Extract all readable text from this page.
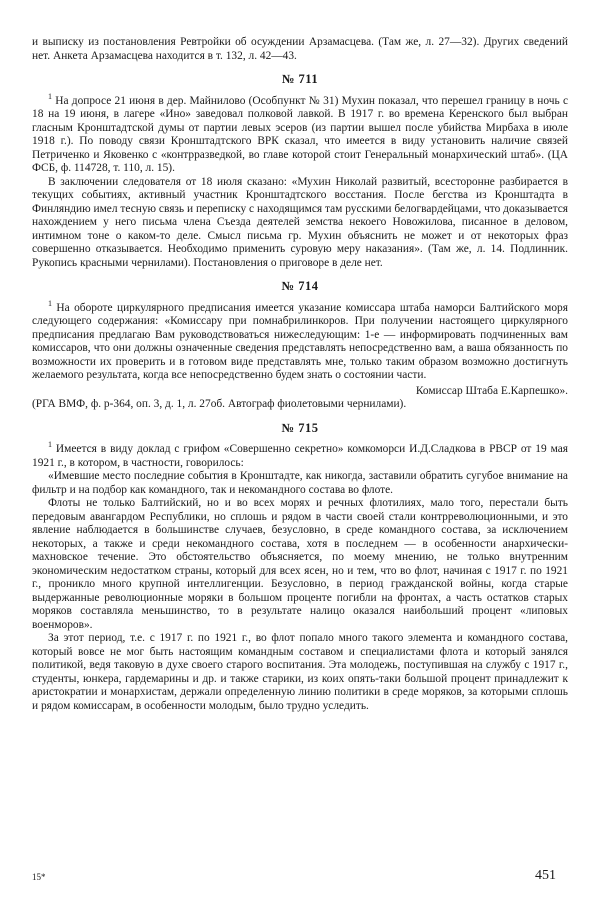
и выписку из постановления Ревтройки об осуждении Арзамасцева. (Там же, л. 27—32). Других сведений нет. Анкета Арзамасцева находится в т. 132, л. 42—43.

№ 711

$^1$ На допросе 21 июня в дер. Майнилово (Особпункт № 31) Мухин показал, что перешел границу в ночь с 18 на 19 июня, в лагере «Ино» заведовал полковой лавкой. В 1917 г. во времена Керенского был выбран гласным Кронштадтской думы от партии левых эсеров (из партии вышел после убийства Мирбаха в июле 1918 г.). По поводу связи Кронштадтского ВРК сказал, что имеется в виду установить наличие связей Петриченко и Яковенко с «контрразведкой, во главе которой стоит Генеральный монархический штаб». (ЦА ФСБ, ф. 114728, т. 110, л. 15).

В заключении следователя от 18 июля сказано: «Мухин Николай развитый, всесторонне разбирается в текущих событиях, активный участник Кронштадтского восстания. После бегства из Кронштадта в Финляндию имел тесную связь и переписку с находящимся там русскими белогвардейцами, что доказывается нахождением у него письма члена Съезда деятелей земства некоего Новожилова, писанное в деловом, интимном тоне о каком-то деле. Смысл письма гр. Мухин объяснить не может и от некоторых фраз совершенно отказывается. Необходимо применить суровую меру наказания». (Там же, л. 14. Подлинник. Рукопись красными чернилами). Постановления о приговоре в деле нет.

№ 714

$^1$ На обороте циркулярного предписания имеется указание комиссара штаба наморси Балтийского моря следующего содержания: «Комиссару при помнабрилинкоров. При получении настоящего циркулярного предписания предлагаю Вам руководствоваться нижеследующим: 1-е — информировать подчиненных вам комиссаров, что они должны означенные сведения представлять непосредственно вам, а ваша обязанность по возможности их проверить и в готовом виде представлять мне, только таким образом возможно достигнуть желаемого результата, когда все непосредственно будем знать о состоянии части.

Комиссар Штаба Е.Карпешко».

(РГА ВМФ, ф. р-364, оп. 3, д. 1, л. 27об. Автограф фиолетовыми чернилами).

№ 715

$^1$ Имеется в виду доклад с грифом «Совершенно секретно» комкоморси И.Д.Сладкова в РВСР от 19 мая 1921 г., в котором, в частности, говорилось:

«Имевшие место последние события в Кронштадте, как никогда, заставили обратить сугубое внимание на фильтр и на подбор как командного, так и некомандного состава во флоте.

Флоты не только Балтийский, но и во всех морях и речных флотилиях, мало того, перестали быть передовым авангардом Республики, но сплошь и рядом в части своей стали контрреволюционными, и это явление наблюдается в большинстве случаев, безусловно, в среде командного состава, за исключением некоторых, а также и среди некомандного состава, хотя в последнем — в особенности анархически-махновское течение. Это обстоятельство объясняется, по моему мнению, не только внутренним экономическим недостатком страны, который для всех ясен, но и тем, что во флот, начиная с 1917 г. по 1921 г., проникло много крупной интеллигенции. Безусловно, в период гражданской войны, когда старые выдержанные революционные моряки в большом проценте погибли на фронтах, а часть остатков старых моряков составляла меньшинство, то в результате налицо оказался наибольший процент «липовых военморов».

За этот период, т.е. с 1917 г. по 1921 г., во флот попало много такого элемента и командного состава, который вовсе не мог быть настоящим командным составом и специалистами флота и который занялся политикой, ведя таковую в духе своего старого воспитания. Эта молодежь, поступившая на службу с 1917 г., студенты, юнкера, гардемарины и др. и также старики, из коих опять-таки большой процент принадлежит к аристократии и монархистам, держали определенную линию политики в среде моряков, за которыми сплошь и рядом комиссарам, в особенности молодым, было трудно уследить.

15*	451
